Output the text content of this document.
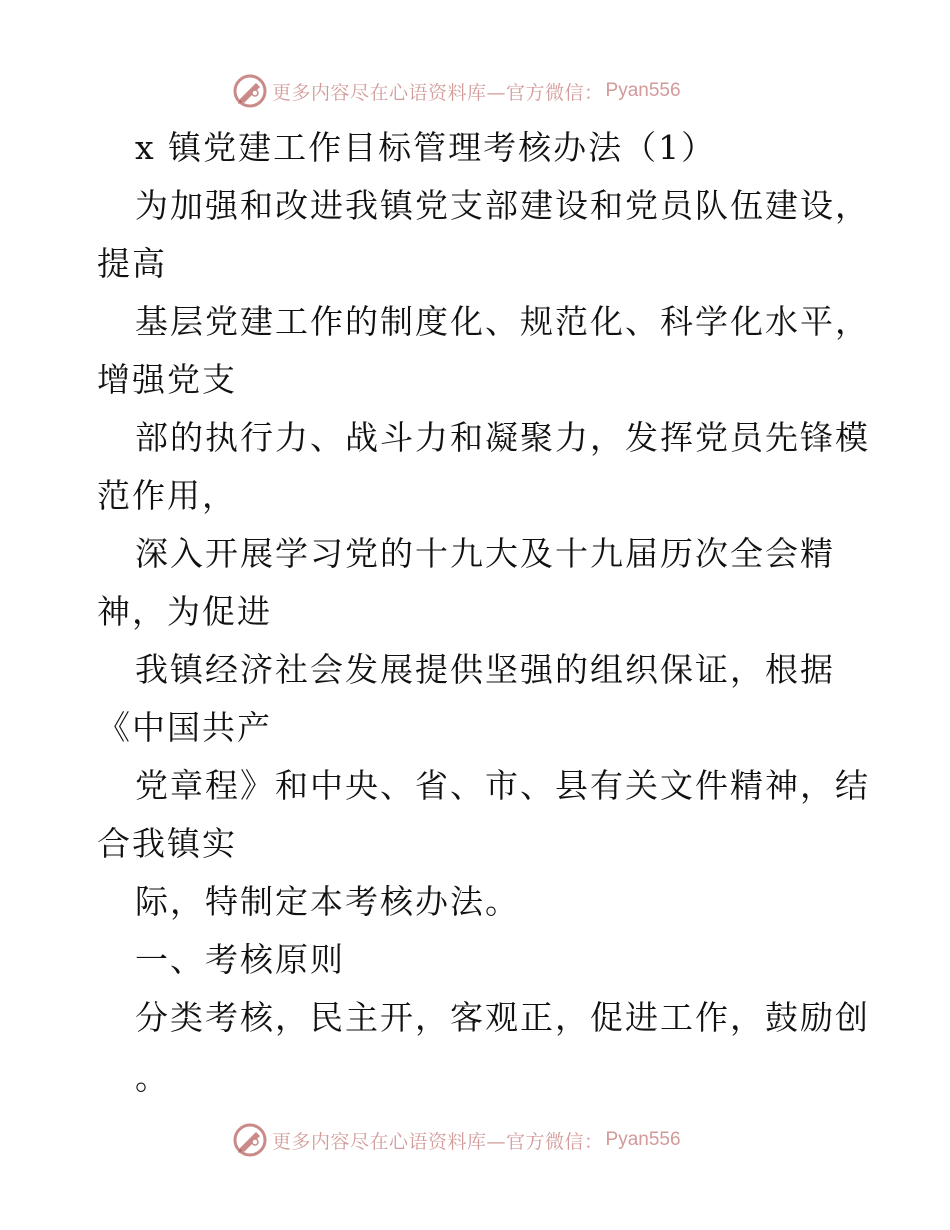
更多内容尽在心语资料库—官方微信： Pyan556
x 镇党建工作目标管理考核办法（1）
为加强和改进我镇党支部建设和党员队伍建设，
提高
基层党建工作的制度化、规范化、科学化水平，
增强党支
部的执行力、战斗力和凝聚力，发挥党员先锋模
范作用，
深入开展学习党的十九大及十九届历次全会精
神，为促进
我镇经济社会发展提供坚强的组织保证，根据
《中国共产
党章程》和中央、省、市、县有关文件精神，结
合我镇实
际，特制定本考核办法。
一、考核原则
分类考核，民主开，客观正，促进工作，鼓励创
。
更多内容尽在心语资料库—官方微信： Pyan556
